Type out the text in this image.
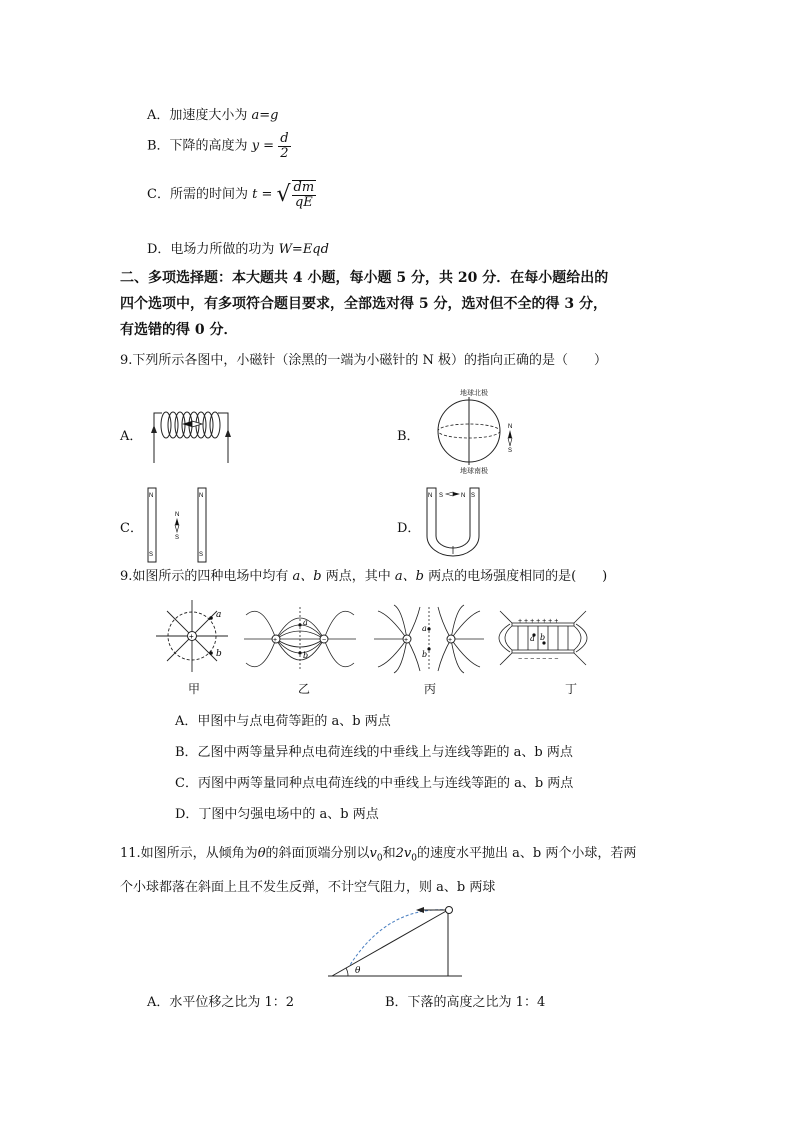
A．加速度大小为 a=g
B．下降的高度为 $y = \frac{d}{2}$
C．所需的时间为 t = √ $\frac{dm}{qE}$
D．电场力所做的功为 W=Eqd
二、多项选择题：本大题共 4 小题，每小题 5 分，共 20 分．在每小题给出的
四个选项中，有多项符合题目要求，全部选对得 5 分，选对但不全的得 3 分，
有选错的得 0 分．
9.下列所示各图中，小磁针（涂黑的一端为小磁针的 N 极）的指向正确的是（　　）
A．	B．
地球北极
地球南极
N
S
C．
N
S
N
S
N
S
D．
N	S
S	N
9.如图所示的四种电场中均有 a、b 两点，其中 a、b 两点的电场强度相同的是(　　)
+
a
b
甲
+	−
a
b
乙
+	+
a
b
丙
+ + + + + + +
− − − − − − −
a b
丁
A．甲图中与点电荷等距的 a、b 两点
B．乙图中两等量异种点电荷连线的中垂线上与连线等距的 a、b 两点
C．丙图中两等量同种点电荷连线的中垂线上与连线等距的 a、b 两点
D．丁图中匀强电场中的 a、b 两点
11.如图所示，从倾角为θ的斜面顶端分别以$v_0$和$2v_0$的速度水平抛出 a、b 两个小球，若两
个小球都落在斜面上且不发生反弹，不计空气阻力，则 a、b 两球
θ
A．水平位移之比为 1：2	B．下落的高度之比为 1：4
